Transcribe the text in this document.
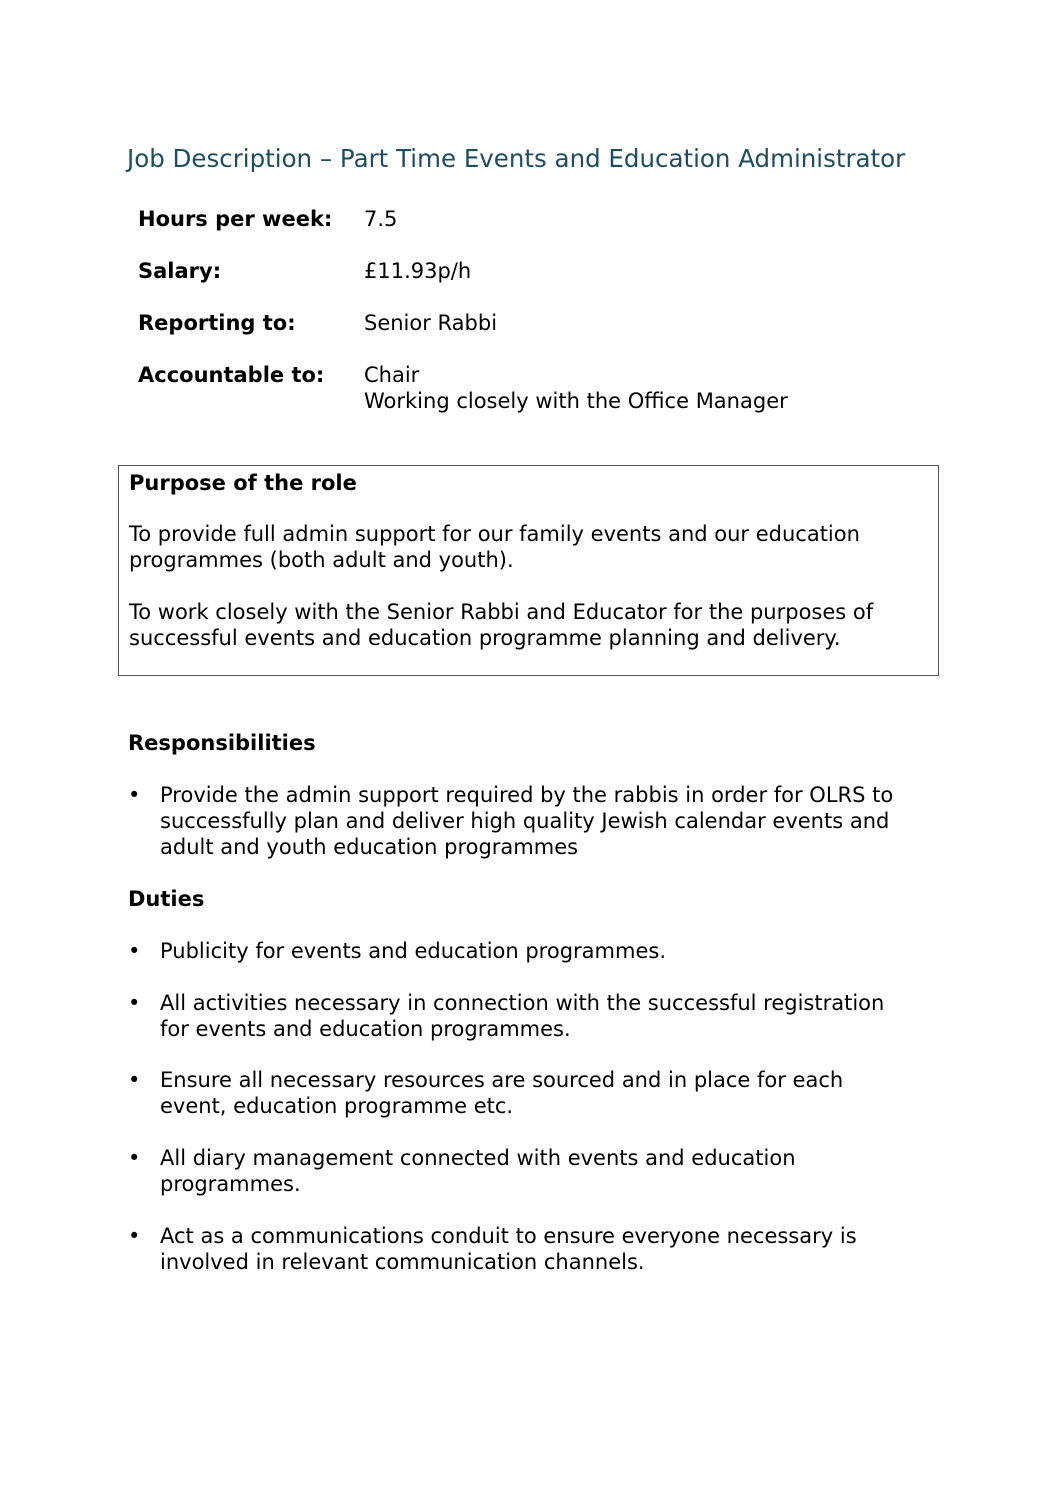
Job Description – Part Time Events and Education Administrator
Hours per week: 7.5
Salary:	£11.93p/h
Reporting to:	Senior Rabbi
Accountable to: Chair
Working closely with the Office Manager
Purpose of the role
To provide full admin support for our family events and our education
programmes (both adult and youth).
To work closely with the Senior Rabbi and Educator for the purposes of
successful events and education programme planning and delivery.
Responsibilities
• Provide the admin support required by the rabbis in order for OLRS to
successfully plan and deliver high quality Jewish calendar events and
adult and youth education programmes
Duties
• Publicity for events and education programmes.
• All activities necessary in connection with the successful registration
for events and education programmes.
• Ensure all necessary resources are sourced and in place for each
event, education programme etc.
• All diary management connected with events and education
programmes.
• Act as a communications conduit to ensure everyone necessary is
involved in relevant communication channels.
